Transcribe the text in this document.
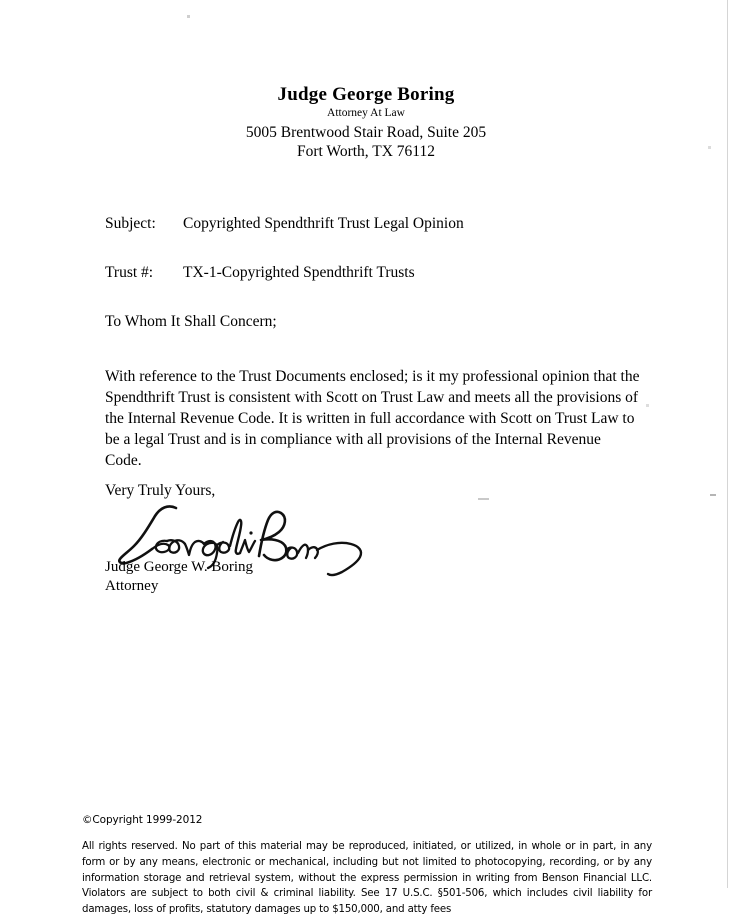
Judge George Boring
Attorney At Law
5005 Brentwood Stair Road, Suite 205
Fort Worth, TX 76112
Subject: Copyrighted Spendthrift Trust Legal Opinion
Trust #: TX-1-Copyrighted Spendthrift Trusts
To Whom It Shall Concern;
With reference to the Trust Documents enclosed; is it my professional opinion that the Spendthrift Trust is consistent with Scott on Trust Law and meets all the provisions of the Internal Revenue Code. It is written in full accordance with Scott on Trust Law to be a legal Trust and is in compliance with all provisions of the Internal Revenue Code.
Very Truly Yours,
Judge George W. Boring
Attorney
©Copyright 1999-2012
All rights reserved. No part of this material may be reproduced, initiated, or utilized, in whole or in part, in any form or by any means, electronic or mechanical, including but not limited to photocopying, recording, or by any information storage and retrieval system, without the express permission in writing from Benson Financial LLC. Violators are subject to both civil & criminal liability. See 17 U.S.C. §501-506, which includes civil liability for damages, loss of profits, statutory damages up to $150,000, and atty fees
